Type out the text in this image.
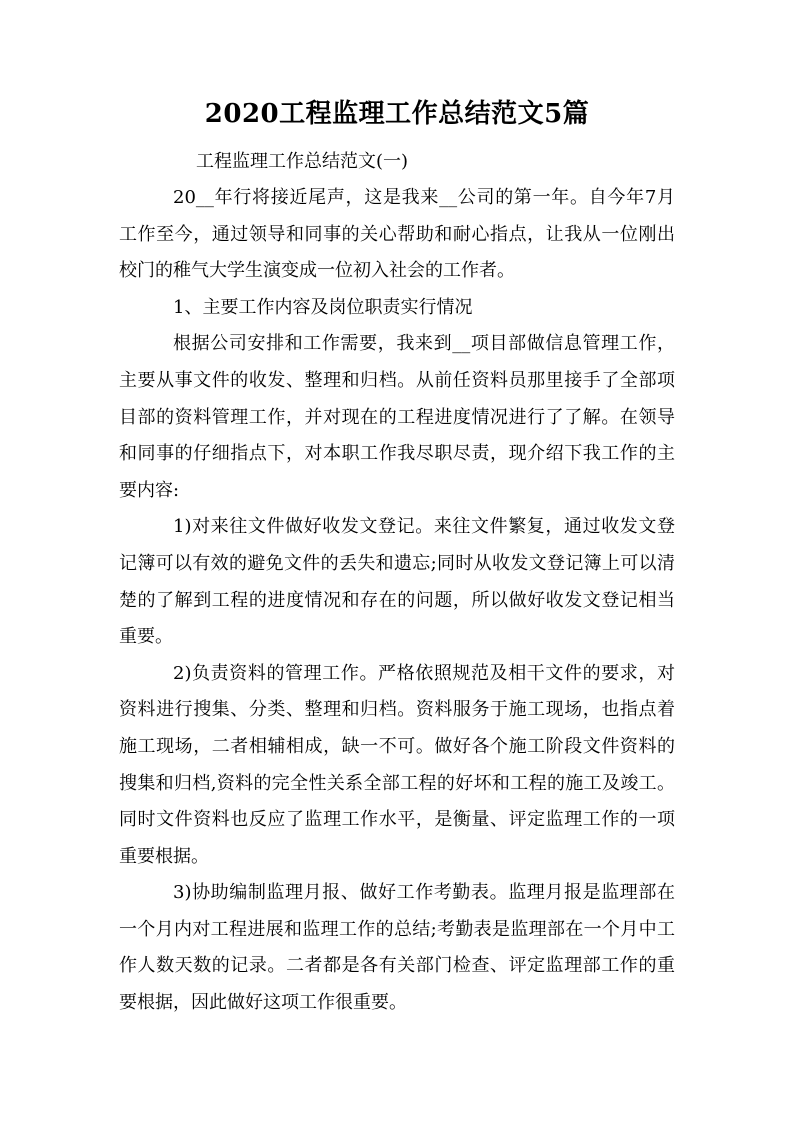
2020工程监理工作总结范文5篇

工程监理工作总结范文(一)

20__年行将接近尾声，这是我来__公司的第一年。自今年7月工作至今，通过领导和同事的关心帮助和耐心指点，让我从一位刚出校门的稚气大学生演变成一位初入社会的工作者。

1、主要工作内容及岗位职责实行情况

根据公司安排和工作需要，我来到__项目部做信息管理工作，主要从事文件的收发、整理和归档。从前任资料员那里接手了全部项目部的资料管理工作，并对现在的工程进度情况进行了了解。在领导和同事的仔细指点下，对本职工作我尽职尽责，现介绍下我工作的主要内容:

1)对来往文件做好收发文登记。来往文件繁复，通过收发文登记簿可以有效的避免文件的丢失和遗忘;同时从收发文登记簿上可以清楚的了解到工程的进度情况和存在的问题，所以做好收发文登记相当重要。

2)负责资料的管理工作。严格依照规范及相干文件的要求，对资料进行搜集、分类、整理和归档。资料服务于施工现场，也指点着施工现场，二者相辅相成，缺一不可。做好各个施工阶段文件资料的搜集和归档,资料的完全性关系全部工程的好坏和工程的施工及竣工。同时文件资料也反应了监理工作水平，是衡量、评定监理工作的一项重要根据。

3)协助编制监理月报、做好工作考勤表。监理月报是监理部在一个月内对工程进展和监理工作的总结;考勤表是监理部在一个月中工作人数天数的记录。二者都是各有关部门检查、评定监理部工作的重要根据，因此做好这项工作很重要。
